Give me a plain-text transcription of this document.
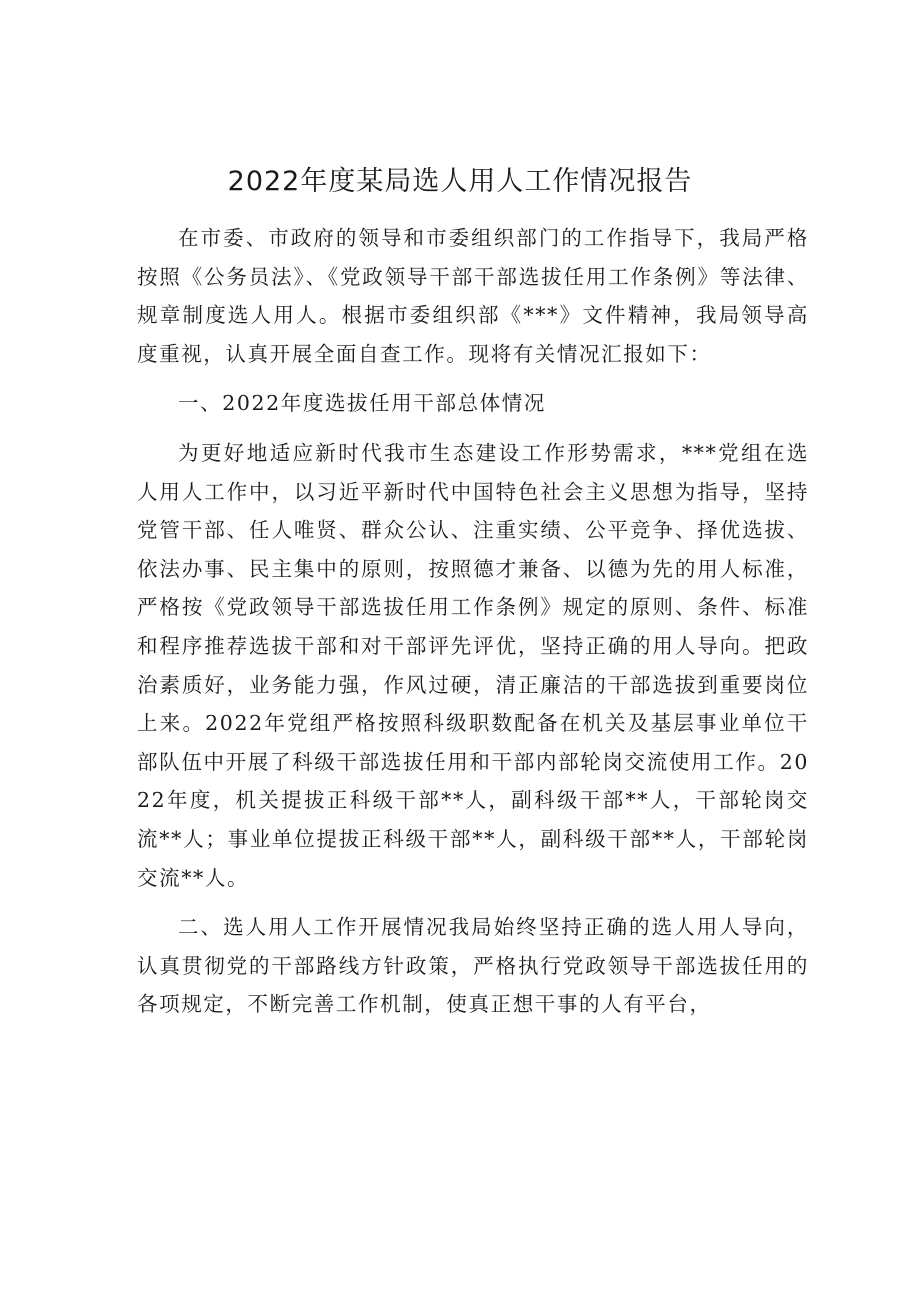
2022年度某局选人用人工作情况报告

在市委、市政府的领导和市委组织部门的工作指导下，我局严格按照《公务员法》、《党政领导干部干部选拔任用工作条例》等法律、规章制度选人用人。根据市委组织部《***》文件精神，我局领导高度重视，认真开展全面自查工作。现将有关情况汇报如下：

一、2022年度选拔任用干部总体情况

为更好地适应新时代我市生态建设工作形势需求，***党组在选人用人工作中，以习近平新时代中国特色社会主义思想为指导，坚持党管干部、任人唯贤、群众公认、注重实绩、公平竞争、择优选拔、依法办事、民主集中的原则，按照德才兼备、以德为先的用人标准，严格按《党政领导干部选拔任用工作条例》规定的原则、条件、标准和程序推荐选拔干部和对干部评先评优，坚持正确的用人导向。把政治素质好，业务能力强，作风过硬，清正廉洁的干部选拔到重要岗位上来。2022年党组严格按照科级职数配备在机关及基层事业单位干部队伍中开展了科级干部选拔任用和干部内部轮岗交流使用工作。2022年度，机关提拔正科级干部**人，副科级干部**人，干部轮岗交流**人；事业单位提拔正科级干部**人，副科级干部**人，干部轮岗交流**人。

二、选人用人工作开展情况我局始终坚持正确的选人用人导向，认真贯彻党的干部路线方针政策，严格执行党政领导干部选拔任用的各项规定，不断完善工作机制，使真正想干事的人有平台，
